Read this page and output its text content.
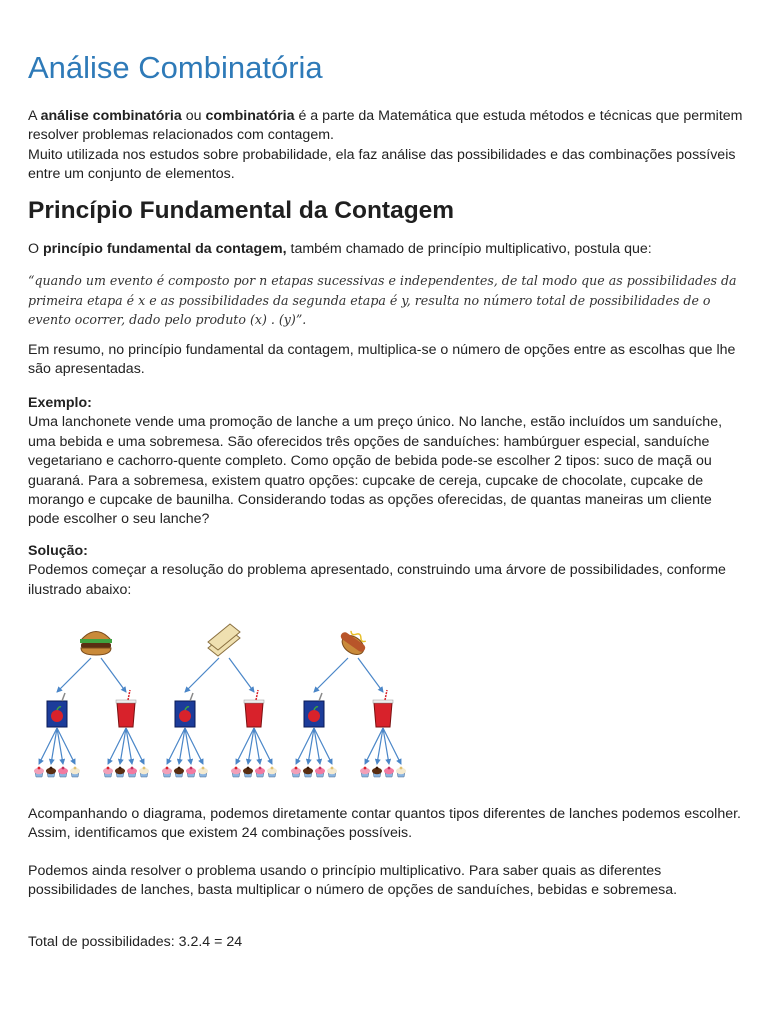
Análise Combinatória

A análise combinatória ou combinatória é a parte da Matemática que estuda métodos e técnicas que permitem resolver problemas relacionados com contagem.
Muito utilizada nos estudos sobre probabilidade, ela faz análise das possibilidades e das combinações possíveis entre um conjunto de elementos.

Princípio Fundamental da Contagem

O princípio fundamental da contagem, também chamado de princípio multiplicativo, postula que:

“quando um evento é composto por n etapas sucessivas e independentes, de tal modo que as possibilidades da primeira etapa é x e as possibilidades da segunda etapa é y, resulta no número total de possibilidades de o evento ocorrer, dado pelo produto (x) . (y)”.

Em resumo, no princípio fundamental da contagem, multiplica-se o número de opções entre as escolhas que lhe são apresentadas.

Exemplo:
Uma lanchonete vende uma promoção de lanche a um preço único. No lanche, estão incluídos um sanduíche, uma bebida e uma sobremesa. São oferecidos três opções de sanduíches: hambúrguer especial, sanduíche vegetariano e cachorro-quente completo. Como opção de bebida pode-se escolher 2 tipos: suco de maçã ou guaraná. Para a sobremesa, existem quatro opções: cupcake de cereja, cupcake de chocolate, cupcake de morango e cupcake de baunilha. Considerando todas as opções oferecidas, de quantas maneiras um cliente pode escolher o seu lanche?
Solução:
Podemos começar a resolução do problema apresentado, construindo uma árvore de possibilidades, conforme ilustrado abaixo:

Acompanhando o diagrama, podemos diretamente contar quantos tipos diferentes de lanches podemos escolher. Assim, identificamos que existem 24 combinações possíveis.

Podemos ainda resolver o problema usando o princípio multiplicativo. Para saber quais as diferentes possibilidades de lanches, basta multiplicar o número de opções de sanduíches, bebidas e sobremesa.

Total de possibilidades: 3.2.4 = 24
